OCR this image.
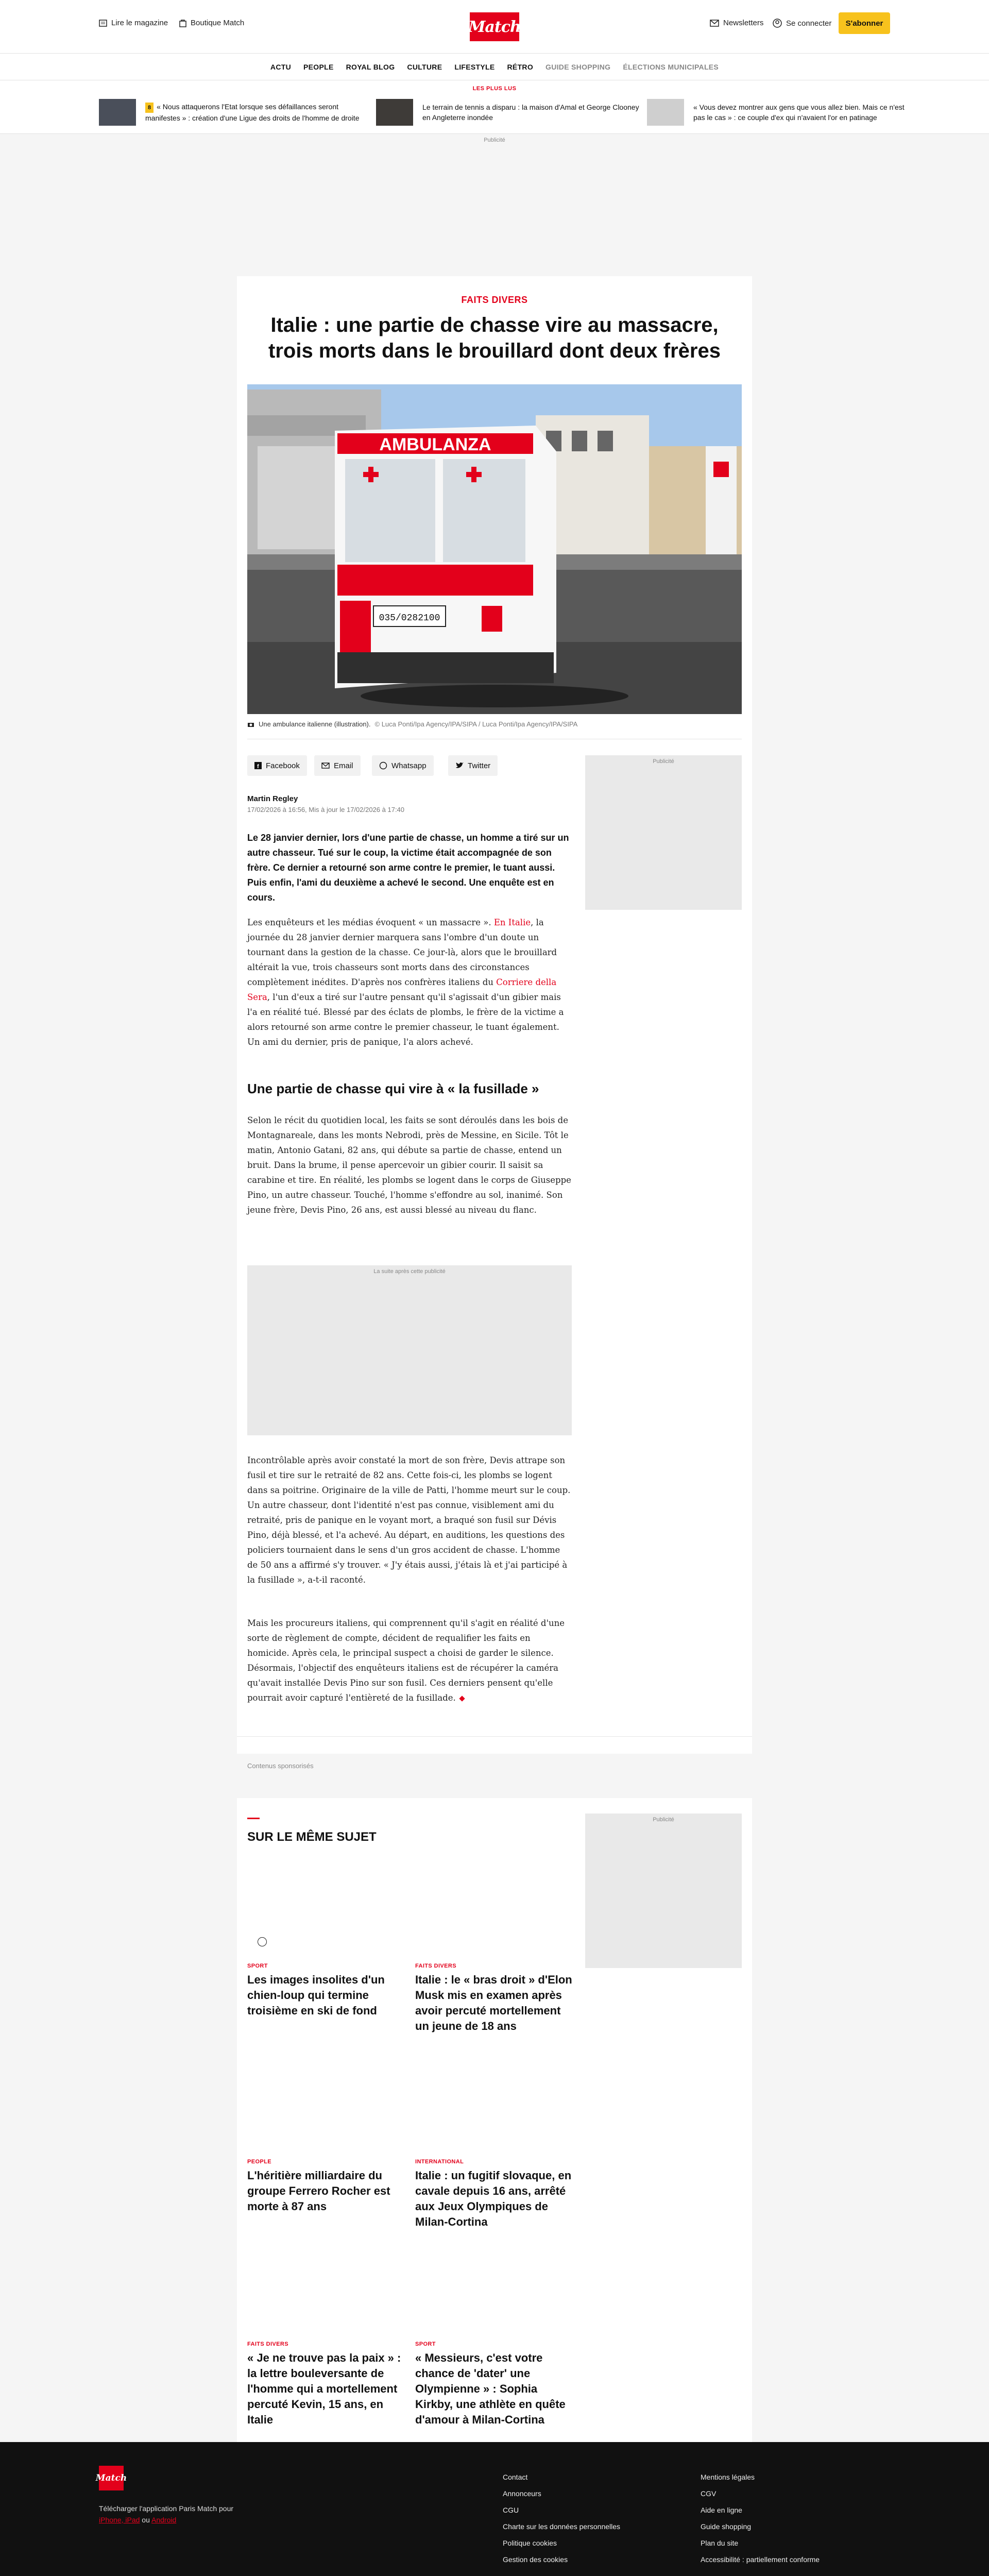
Lire le magazine	Boutique Match	Match	Newsletters	Se connecter S'abonner
ACTU PEOPLE ROYAL BLOG CULTURE LIFESTYLE RÉTRO GUIDE SHOPPING ÉLECTIONS MUNICIPALES
LES PLUS LUS
8 « Nous attaquerons l'Etat lorsque ses défaillances seront manifestes » : création d'une Ligue des droits de l'homme de droite
Le terrain de tennis a disparu : la maison d'Amal et George Clooney en Angleterre inondée
« Vous devez montrer aux gens que vous allez bien. Mais ce n'est pas le cas » : ce couple d'ex qui n'avaient l'or en patinage
Publicité
FAITS DIVERS
Italie : une partie de chasse vire au massacre, trois morts dans le brouillard dont deux frères
AMBULANZA
035/0282100
Une ambulance italienne (illustration). © Luca Ponti/Ipa Agency/IPA/SIPA / Luca Ponti/Ipa Agency/IPA/SIPA
f Facebook	Email	Whatsapp	Twitter	Publicité
Martin Regley
17/02/2026 à 16:56, Mis à jour le 17/02/2026 à 17:40

Le 28 janvier dernier, lors d'une partie de chasse, un homme a tiré sur un autre chasseur. Tué sur le coup, la victime était accompagnée de son frère. Ce dernier a retourné son arme contre le premier, le tuant aussi. Puis enfin, l'ami du deuxième a achevé le second. Une enquête est en cours.

Les enquêteurs et les médias évoquent « un massacre ». En Italie, la journée du 28 janvier dernier marquera sans l'ombre d'un doute un tournant dans la gestion de la chasse. Ce jour-là, alors que le brouillard altérait la vue, trois chasseurs sont morts dans des circonstances complètement inédites. D'après nos confrères italiens du Corriere della Sera, l'un d'eux a tiré sur l'autre pensant qu'il s'agissait d'un gibier mais l'a en réalité tué. Blessé par des éclats de plombs, le frère de la victime a alors retourné son arme contre le premier chasseur, le tuant également. Un ami du dernier, pris de panique, l'a alors achevé.

Une partie de chasse qui vire à « la fusillade »

Selon le récit du quotidien local, les faits se sont déroulés dans les bois de Montagnareale, dans les monts Nebrodi, près de Messine, en Sicile. Tôt le matin, Antonio Gatani, 82 ans, qui débute sa partie de chasse, entend un bruit. Dans la brume, il pense apercevoir un gibier courir. Il saisit sa carabine et tire. En réalité, les plombs se logent dans le corps de Giuseppe Pino, un autre chasseur. Touché, l'homme s'effondre au sol, inanimé. Son jeune frère, Devis Pino, 26 ans, est aussi blessé au niveau du flanc.

La suite après cette publicité

Incontrôlable après avoir constaté la mort de son frère, Devis attrape son fusil et tire sur le retraité de 82 ans. Cette fois-ci, les plombs se logent dans sa poitrine. Originaire de la ville de Patti, l'homme meurt sur le coup. Un autre chasseur, dont l'identité n'est pas connue, visiblement ami du retraité, pris de panique en le voyant mort, a braqué son fusil sur Dévis Pino, déjà blessé, et l'a achevé. Au départ, en auditions, les questions des policiers tournaient dans le sens d'un gros accident de chasse. L'homme de 50 ans a affirmé s'y trouver. « J'y étais aussi, j'étais là et j'ai participé à la fusillade », a-t-il raconté.

Mais les procureurs italiens, qui comprennent qu'il s'agit en réalité d'une sorte de règlement de compte, décident de requalifier les faits en homicide. Après cela, le principal suspect a choisi de garder le silence. Désormais, l'objectif des enquêteurs italiens est de récupérer la caméra qu'avait installée Devis Pino sur son fusil. Ces derniers pensent qu'elle pourrait avoir capturé l'entièreté de la fusillade.

Contenus sponsorisés
SUR LE MÊME SUJET
Publicité
SPORT
Les images insolites d'un chien-loup qui termine troisième en ski de fond
FAITS DIVERS
Italie : le « bras droit » d'Elon Musk mis en examen après avoir percuté mortellement un jeune de 18 ans
PEOPLE
L'héritière milliardaire du groupe Ferrero Rocher est morte à 87 ans
INTERNATIONAL
Italie : un fugitif slovaque, en cavale depuis 16 ans, arrêté aux Jeux Olympiques de Milan-Cortina
FAITS DIVERS
« Je ne trouve pas la paix » : la lettre bouleversante de l'homme qui a mortellement percuté Kevin, 15 ans, en Italie
SPORT
« Messieurs, c'est votre chance de 'dater' une Olympienne » : Sophia Kirkby, une athlète en quête d'amour à Milan-Cortina
Match
Télécharger l'application Paris Match pour iPhone, iPad ou Android
Contact
Annonceurs
CGU
Charte sur les données personnelles
Politique cookies
Gestion des cookies
Mentions légales
CGV
Aide en ligne
Guide shopping
Plan du site
Accessibilité : partiellement conforme
